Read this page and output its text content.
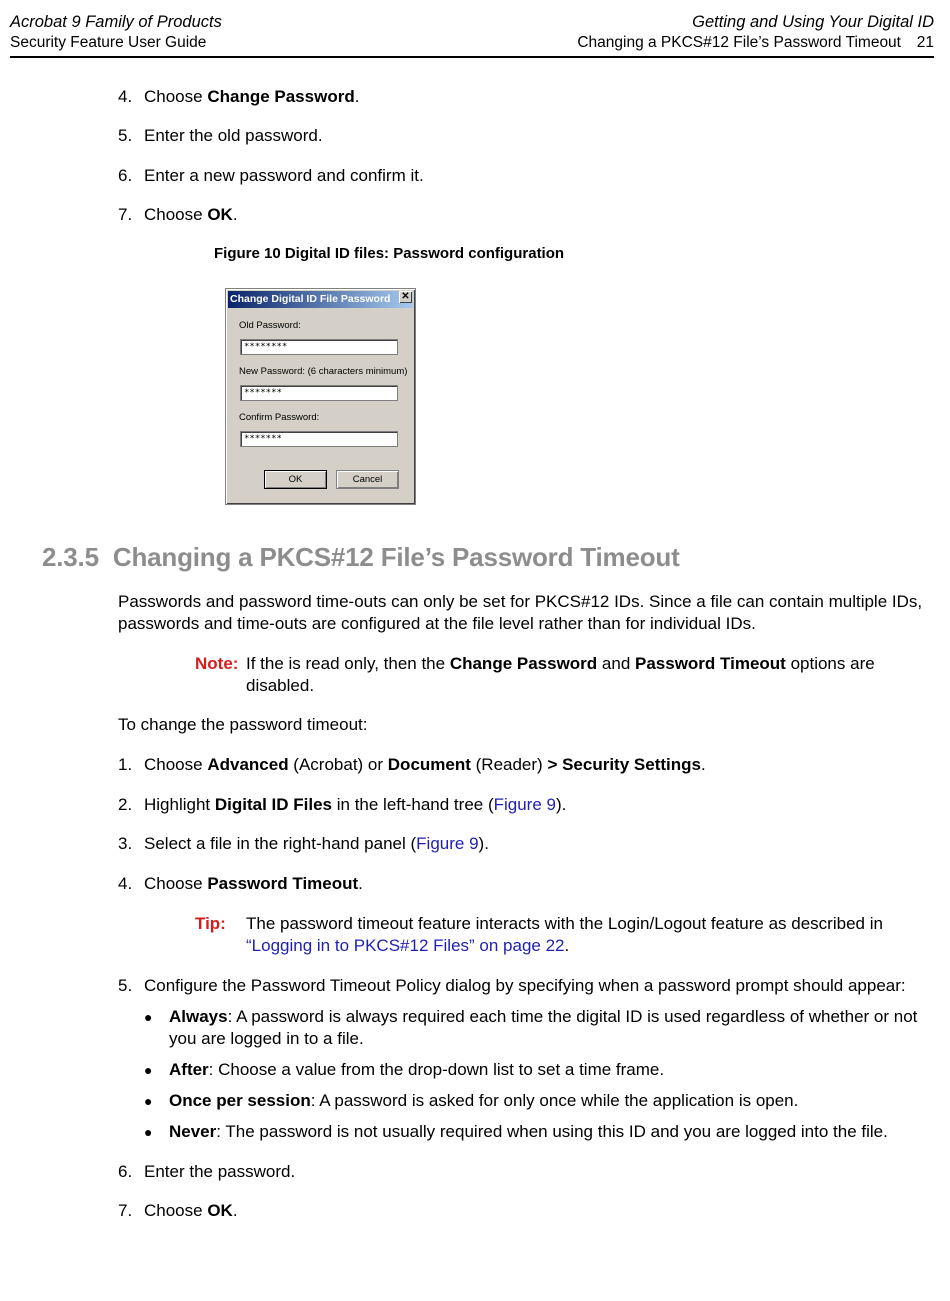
Acrobat 9 Family of Products
Security Feature User Guide
Getting and Using Your Digital ID
Changing a PKCS#12 File’s Password Timeout 21
4. Choose Change Password.
5. Enter the old password.
6. Enter a new password and confirm it.
7. Choose OK.
Figure 10 Digital ID files: Password configuration
Change Digital ID File Password ✕
Old Password:
********
New Password: (6 characters minimum)
*******
Confirm Password:
*******
OK	Cancel
2.3.5 Changing a PKCS#12 File’s Password Timeout
Passwords and password time-outs can only be set for PKCS#12 IDs. Since a file can contain multiple IDs,
passwords and time-outs are configured at the file level rather than for individual IDs.
Note: If the is read only, then the Change Password and Password Timeout options are
disabled.
To change the password timeout:
1. Choose Advanced (Acrobat) or Document (Reader) > Security Settings.
2. Highlight Digital ID Files in the left-hand tree (Figure 9).
3. Select a file in the right-hand panel (Figure 9).
4. Choose Password Timeout.
Tip: The password timeout feature interacts with the Login/Logout feature as described in
“Logging in to PKCS#12 Files” on page 22.
5. Configure the Password Timeout Policy dialog by specifying when a password prompt should appear:
● Always: A password is always required each time the digital ID is used regardless of whether or not
you are logged in to a file.
● After: Choose a value from the drop-down list to set a time frame.
● Once per session: A password is asked for only once while the application is open.
● Never: The password is not usually required when using this ID and you are logged into the file.
6. Enter the password.
7. Choose OK.
